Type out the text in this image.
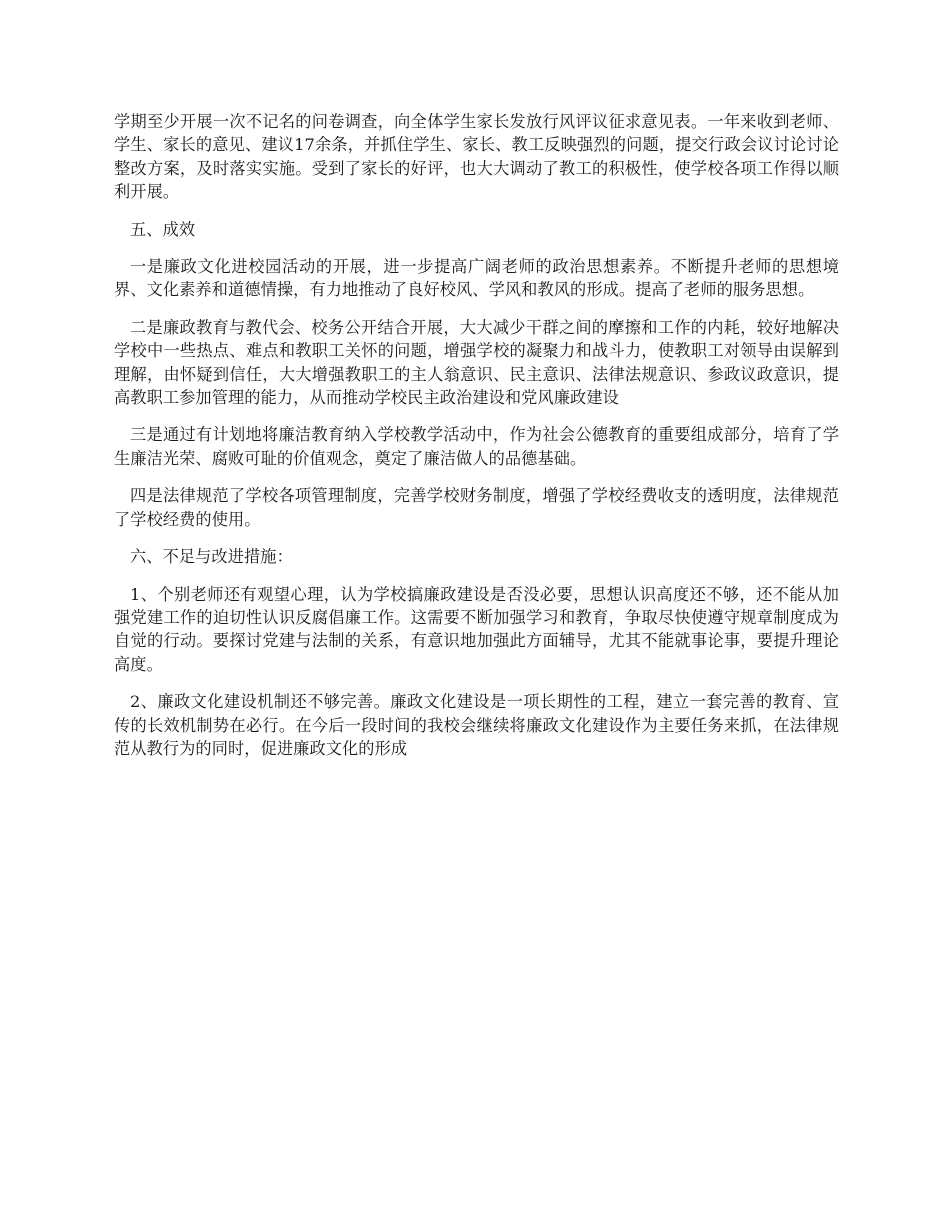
学期至少开展一次不记名的问卷调查，向全体学生家长发放行风评议征求意见表。一年来收到老师、学生、家长的意见、建议17余条，并抓住学生、家长、教工反映强烈的问题，提交行政会议讨论讨论整改方案，及时落实实施。受到了家长的好评，也大大调动了教工的积极性，使学校各项工作得以顺利开展。

五、成效

一是廉政文化进校园活动的开展，进一步提高广阔老师的政治思想素养。不断提升老师的思想境界、文化素养和道德情操，有力地推动了良好校风、学风和教风的形成。提高了老师的服务思想。

二是廉政教育与教代会、校务公开结合开展，大大减少干群之间的摩擦和工作的内耗，较好地解决学校中一些热点、难点和教职工关怀的问题，增强学校的凝聚力和战斗力，使教职工对领导由误解到理解，由怀疑到信任，大大增强教职工的主人翁意识、民主意识、法律法规意识、参政议政意识，提高教职工参加管理的能力，从而推动学校民主政治建设和党风廉政建设

三是通过有计划地将廉洁教育纳入学校教学活动中，作为社会公德教育的重要组成部分，培育了学生廉洁光荣、腐败可耻的价值观念，奠定了廉洁做人的品德基础。

四是法律规范了学校各项管理制度，完善学校财务制度，增强了学校经费收支的透明度，法律规范了学校经费的使用。

六、不足与改进措施：

1、个别老师还有观望心理，认为学校搞廉政建设是否没必要，思想认识高度还不够，还不能从加强党建工作的迫切性认识反腐倡廉工作。这需要不断加强学习和教育，争取尽快使遵守规章制度成为自觉的行动。要探讨党建与法制的关系，有意识地加强此方面辅导，尤其不能就事论事，要提升理论高度。

2、廉政文化建设机制还不够完善。廉政文化建设是一项长期性的工程，建立一套完善的教育、宣传的长效机制势在必行。在今后一段时间的我校会继续将廉政文化建设作为主要任务来抓，在法律规范从教行为的同时，促进廉政文化的形成
